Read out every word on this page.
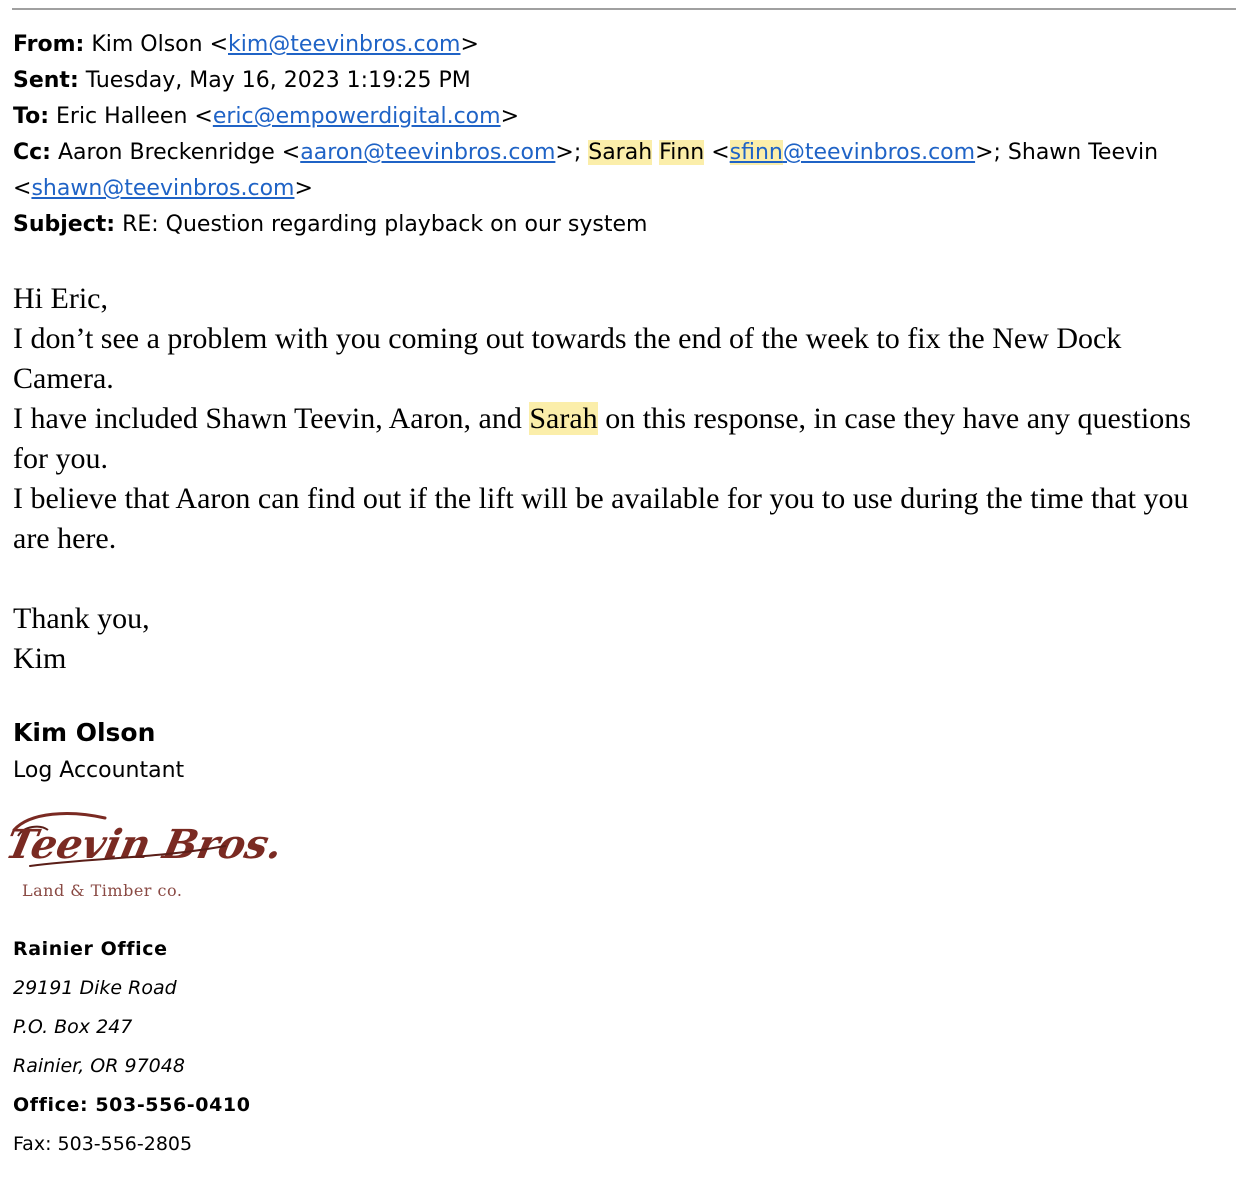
From: Kim Olson <kim@teevinbros.com>
Sent: Tuesday, May 16, 2023 1:19:25 PM
To: Eric Halleen <eric@empowerdigital.com>
Cc: Aaron Breckenridge <aaron@teevinbros.com>; Sarah Finn <sfinn@teevinbros.com>; Shawn Teevin <shawn@teevinbros.com>
Subject: RE: Question regarding playback on our system

Hi Eric,

I don’t see a problem with you coming out towards the end of the week to fix the New Dock Camera.

I have included Shawn Teevin, Aaron, and Sarah on this response, in case they have any questions for you.

I believe that Aaron can find out if the lift will be available for you to use during the time that you are here.

Thank you,

Kim

Kim Olson
Log Accountant
Teevin Bros.
Land & Timber co.
Rainier Office
29191 Dike Road
P.O. Box 247
Rainier, OR 97048
Office: 503-556-0410
Fax: 503-556-2805
